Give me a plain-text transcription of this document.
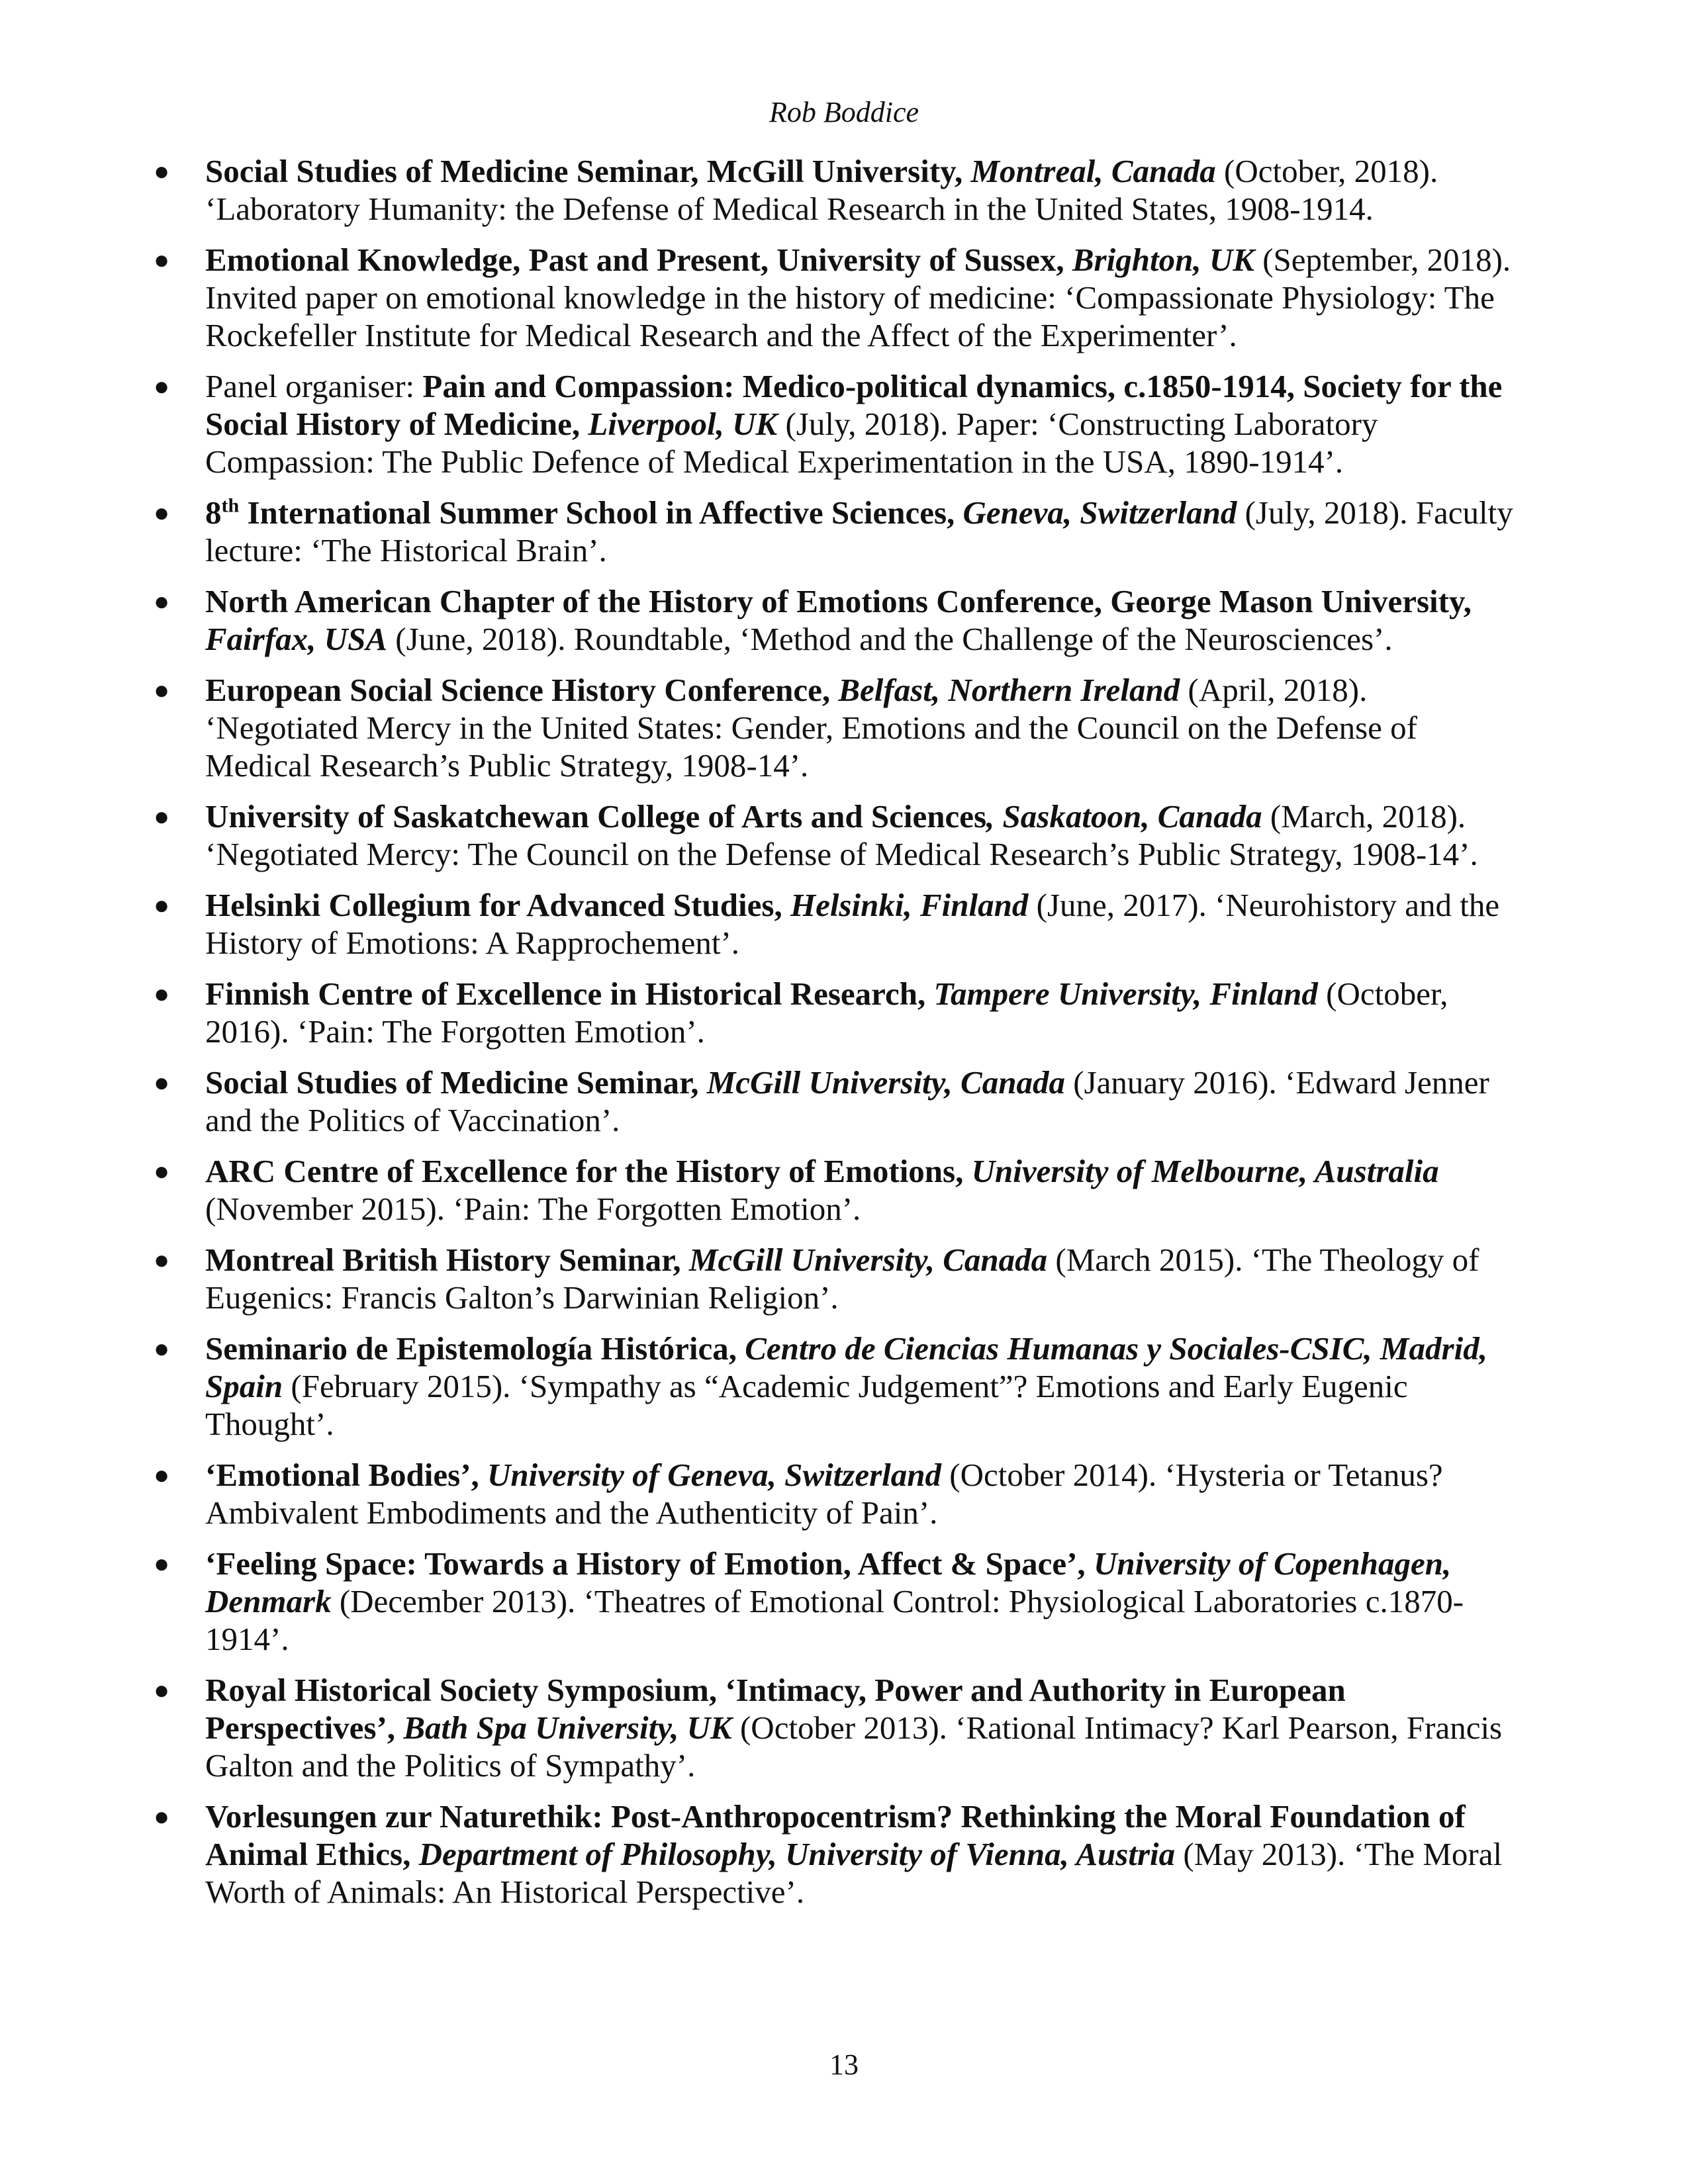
Rob Boddice
● Social Studies of Medicine Seminar, McGill University, Montreal, Canada (October, 2018). ‘Laboratory Humanity: the Defense of Medical Research in the United States, 1908-1914.
● Emotional Knowledge, Past and Present, University of Sussex, Brighton, UK (September, 2018). Invited paper on emotional knowledge in the history of medicine: ‘Compassionate Physiology: The Rockefeller Institute for Medical Research and the Affect of the Experimenter’.
● Panel organiser: Pain and Compassion: Medico-political dynamics, c.1850-1914, Society for the Social History of Medicine, Liverpool, UK (July, 2018). Paper: ‘Constructing Laboratory Compassion: The Public Defence of Medical Experimentation in the USA, 1890-1914’.
● 8th International Summer School in Affective Sciences, Geneva, Switzerland (July, 2018). Faculty lecture: ‘The Historical Brain’.
● North American Chapter of the History of Emotions Conference, George Mason University, Fairfax, USA (June, 2018). Roundtable, ‘Method and the Challenge of the Neurosciences’.
● European Social Science History Conference, Belfast, Northern Ireland (April, 2018). ‘Negotiated Mercy in the United States: Gender, Emotions and the Council on the Defense of Medical Research’s Public Strategy, 1908-14’.
● University of Saskatchewan College of Arts and Sciences, Saskatoon, Canada (March, 2018). ‘Negotiated Mercy: The Council on the Defense of Medical Research’s Public Strategy, 1908-14’.
● Helsinki Collegium for Advanced Studies, Helsinki, Finland (June, 2017). ‘Neurohistory and the History of Emotions: A Rapprochement’.
● Finnish Centre of Excellence in Historical Research, Tampere University, Finland (October, 2016). ‘Pain: The Forgotten Emotion’.
● Social Studies of Medicine Seminar, McGill University, Canada (January 2016). ‘Edward Jenner and the Politics of Vaccination’.
● ARC Centre of Excellence for the History of Emotions, University of Melbourne, Australia (November 2015). ‘Pain: The Forgotten Emotion’.
● Montreal British History Seminar, McGill University, Canada (March 2015). ‘The Theology of Eugenics: Francis Galton’s Darwinian Religion’.
● Seminario de Epistemología Histórica, Centro de Ciencias Humanas y Sociales-CSIC, Madrid, Spain (February 2015). ‘Sympathy as “Academic Judgement”? Emotions and Early Eugenic Thought’.
● ‘Emotional Bodies’, University of Geneva, Switzerland (October 2014). ‘Hysteria or Tetanus? Ambivalent Embodiments and the Authenticity of Pain’.
● ‘Feeling Space: Towards a History of Emotion, Affect & Space’, University of Copenhagen, Denmark (December 2013). ‘Theatres of Emotional Control: Physiological Laboratories c.1870-1914’.
● Royal Historical Society Symposium, ‘Intimacy, Power and Authority in European Perspectives’, Bath Spa University, UK (October 2013). ‘Rational Intimacy? Karl Pearson, Francis Galton and the Politics of Sympathy’.
● Vorlesungen zur Naturethik: Post-Anthropocentrism? Rethinking the Moral Foundation of Animal Ethics, Department of Philosophy, University of Vienna, Austria (May 2013). ‘The Moral Worth of Animals: An Historical Perspective’.
13
